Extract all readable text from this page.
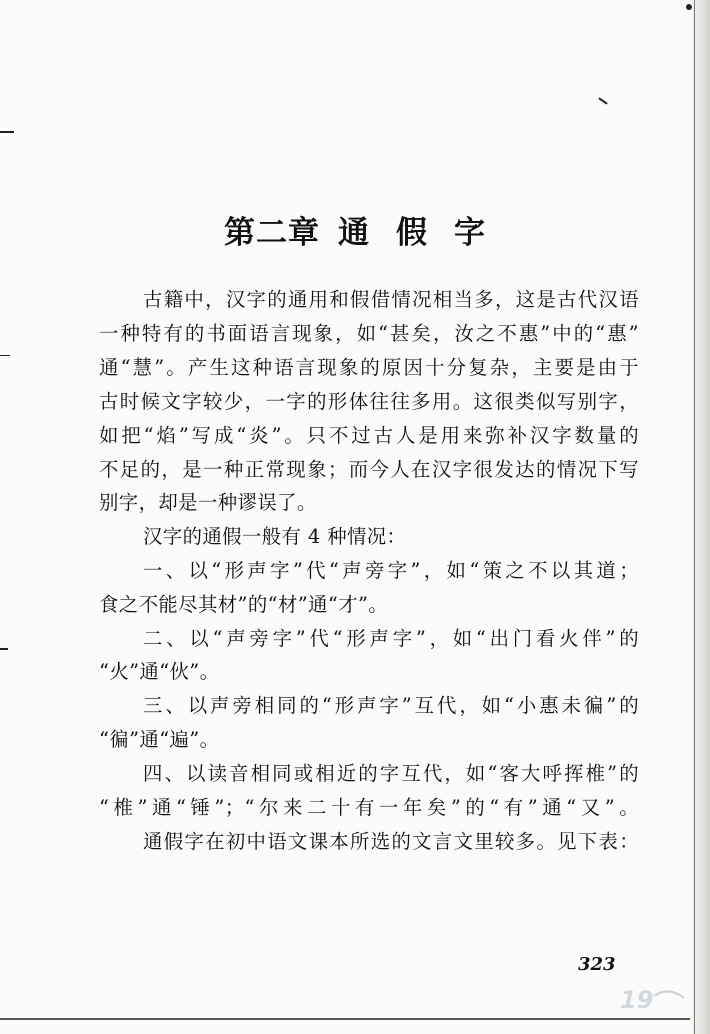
第二章 通 假 字
古籍中，汉字的通用和假借情况相当多，这是古代汉语
一种特有的书面语言现象，如“甚矣，汝之不惠”中的“惠”
通“慧”。产生这种语言现象的原因十分复杂，主要是由于
古时候文字较少，一字的形体往往多用。这很类似写别字，
如把“焰”写成“炎”。只不过古人是用来弥补汉字数量的
不足的，是一种正常现象；而今人在汉字很发达的情况下写
别字，却是一种谬误了。
汉字的通假一般有 4 种情况：
一、以“形声字”代“声旁字”，如“策之不以其道；
食之不能尽其材”的“材”通“才”。
二、以“声旁字”代“形声字”，如“出门看火伴”的
“火”通“伙”。
三、以声旁相同的“形声字”互代，如“小惠未徧”的
“徧”通“遍”。
四、以读音相同或相近的字互代，如“客大呼挥椎”的
“椎”通“锤”；“尔来二十有一年矣”的“有”通“又”。
通假字在初中语文课本所选的文言文里较多。见下表：
323
19
